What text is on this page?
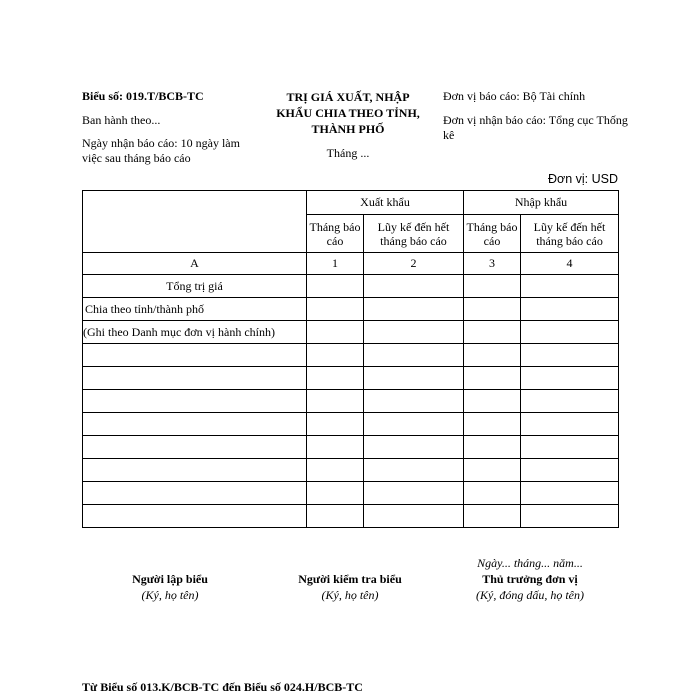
Biểu số: 019.T/BCB-TC
Ban hành theo...
Ngày nhận báo cáo: 10 ngày làm việc sau tháng báo cáo
TRỊ GIÁ XUẤT, NHẬP
KHẨU CHIA THEO TỈNH,
THÀNH PHỐ
Tháng ...
Đơn vị báo cáo: Bộ Tài chính
Đơn vị nhận báo cáo: Tổng cục Thống kê
Đơn vị: USD
	Xuất khẩu		Nhập khẩu	
	Tháng báo cáo	Lũy kế đến hết tháng báo cáo	Tháng báo cáo	Lũy kế đến hết tháng báo cáo
A	1	2	3	4
Tổng trị giá				
Chia theo tỉnh/thành phố				
(Ghi theo Danh mục đơn vị hành chính)				

Người lập biểu
(Ký, họ tên)
Người kiểm tra biểu
(Ký, họ tên)
Ngày... tháng... năm...
Thủ trưởng đơn vị
(Ký, đóng dấu, họ tên)
Từ Biểu số 013.K/BCB-TC đến Biểu số 024.H/BCB-TC
